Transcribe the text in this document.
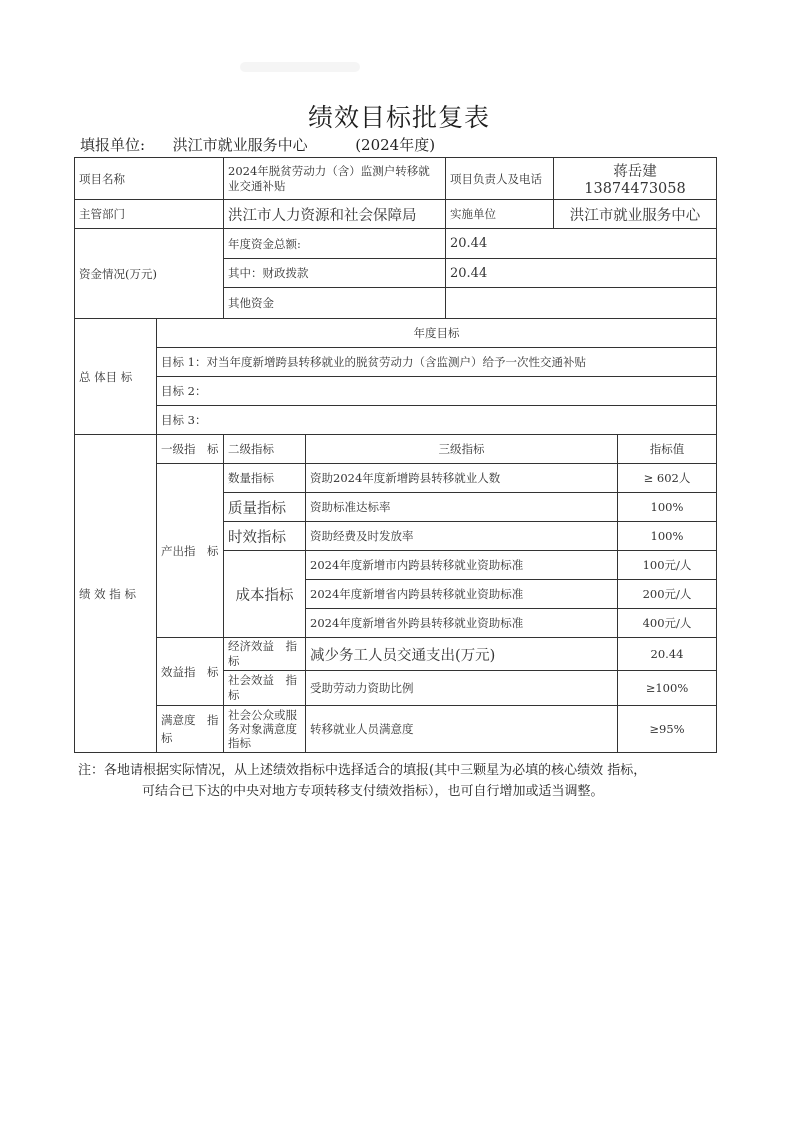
绩效目标批复表
填报单位: 洪江市就业服务中心	(2024年度)
项目名称	2024年脱贫劳动力（含）监测户转移就业交通补贴	项目负责人及电话	蒋岳建　13874473058
主管部门	洪江市人力资源和社会保障局	实施单位	洪江市就业服务中心
资金情况(万元)	年度资金总额:	20.44	
	其中：财政拨款	20.44	
	其他资金		
总 体目 标	年度目标
目标 1：对当年度新增跨县转移就业的脱贫劳动力（含监测户）给予一次性交通补贴
目标 2：
目标 3：
绩 效 指 标	一级指　标	二级指标	三级指标	指标值
	产出指　标	数量指标	资助2024年度新增跨县转移就业人数	≥ 602人
		质量指标	资助标准达标率	100%
		时效指标	资助经费及时发放率	100%
		成本指标	2024年度新增市内跨县转移就业资助标准	100元/人
			2024年度新增省内跨县转移就业资助标准	200元/人
			2024年度新增省外跨县转移就业资助标准	400元/人
	效益指　标	经济效益　指标	减少务工人员交通支出(万元)	20.44
		社会效益　指标	受助劳动力资助比例	≥100%
	满意度　指标	社会公众或服务对象满意度指标	转移就业人员满意度	≥95%
注：各地请根据实际情况，从上述绩效指标中选择适合的填报(其中三颗星为必填的核心绩效 指标，
可结合已下达的中央对地方专项转移支付绩效指标），也可自行增加或适当调整。
